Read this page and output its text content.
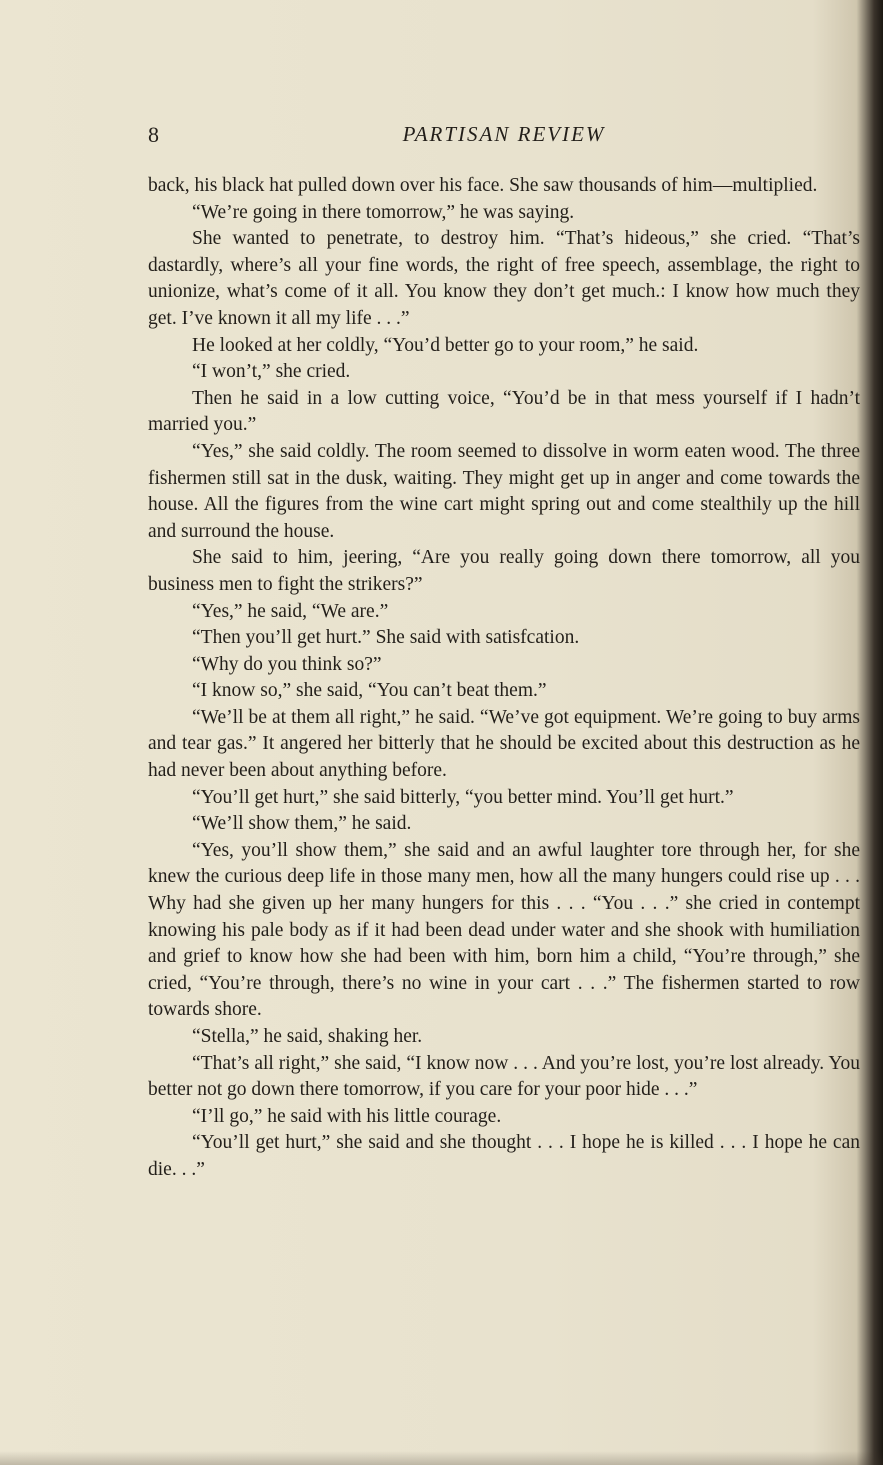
8	PARTISAN REVIEW

back, his black hat pulled down over his face. She saw thousands of him—multiplied.

“We’re going in there tomorrow,” he was saying.

She wanted to penetrate, to destroy him. “That’s hideous,” she cried. “That’s dastardly, where’s all your fine words, the right of free speech, assemblage, the right to unionize, what’s come of it all. You know they don’t get much.: I know how much they get. I’ve known it all my life . . .”

He looked at her coldly, “You’d better go to your room,” he said.

“I won’t,” she cried.

Then he said in a low cutting voice, “You’d be in that mess yourself if I hadn’t married you.”

“Yes,” she said coldly. The room seemed to dissolve in worm eaten wood. The three fishermen still sat in the dusk, waiting. They might get up in anger and come towards the house. All the figures from the wine cart might spring out and come stealthily up the hill and surround the house.

She said to him, jeering, “Are you really going down there tomorrow, all you business men to fight the strikers?”

“Yes,” he said, “We are.”

“Then you’ll get hurt.” She said with satisfcation.

“Why do you think so?”

“I know so,” she said, “You can’t beat them.”

“We’ll be at them all right,” he said. “We’ve got equipment. We’re going to buy arms and tear gas.” It angered her bitterly that he should be excited about this destruction as he had never been about anything before.

“You’ll get hurt,” she said bitterly, “you better mind. You’ll get hurt.”

“We’ll show them,” he said.

“Yes, you’ll show them,” she said and an awful laughter tore through her, for she knew the curious deep life in those many men, how all the many hungers could rise up . . . Why had she given up her many hungers for this . . . “You . . .” she cried in contempt knowing his pale body as if it had been dead under water and she shook with humiliation and grief to know how she had been with him, born him a child, “You’re through,” she cried, “You’re through, there’s no wine in your cart . . .” The fishermen started to row towards shore.

“Stella,” he said, shaking her.

“That’s all right,” she said, “I know now . . . And you’re lost, you’re lost already. You better not go down there tomorrow, if you care for your poor hide . . .”

“I’ll go,” he said with his little courage.

“You’ll get hurt,” she said and she thought . . . I hope he is killed . . . I hope he can die. . .”
